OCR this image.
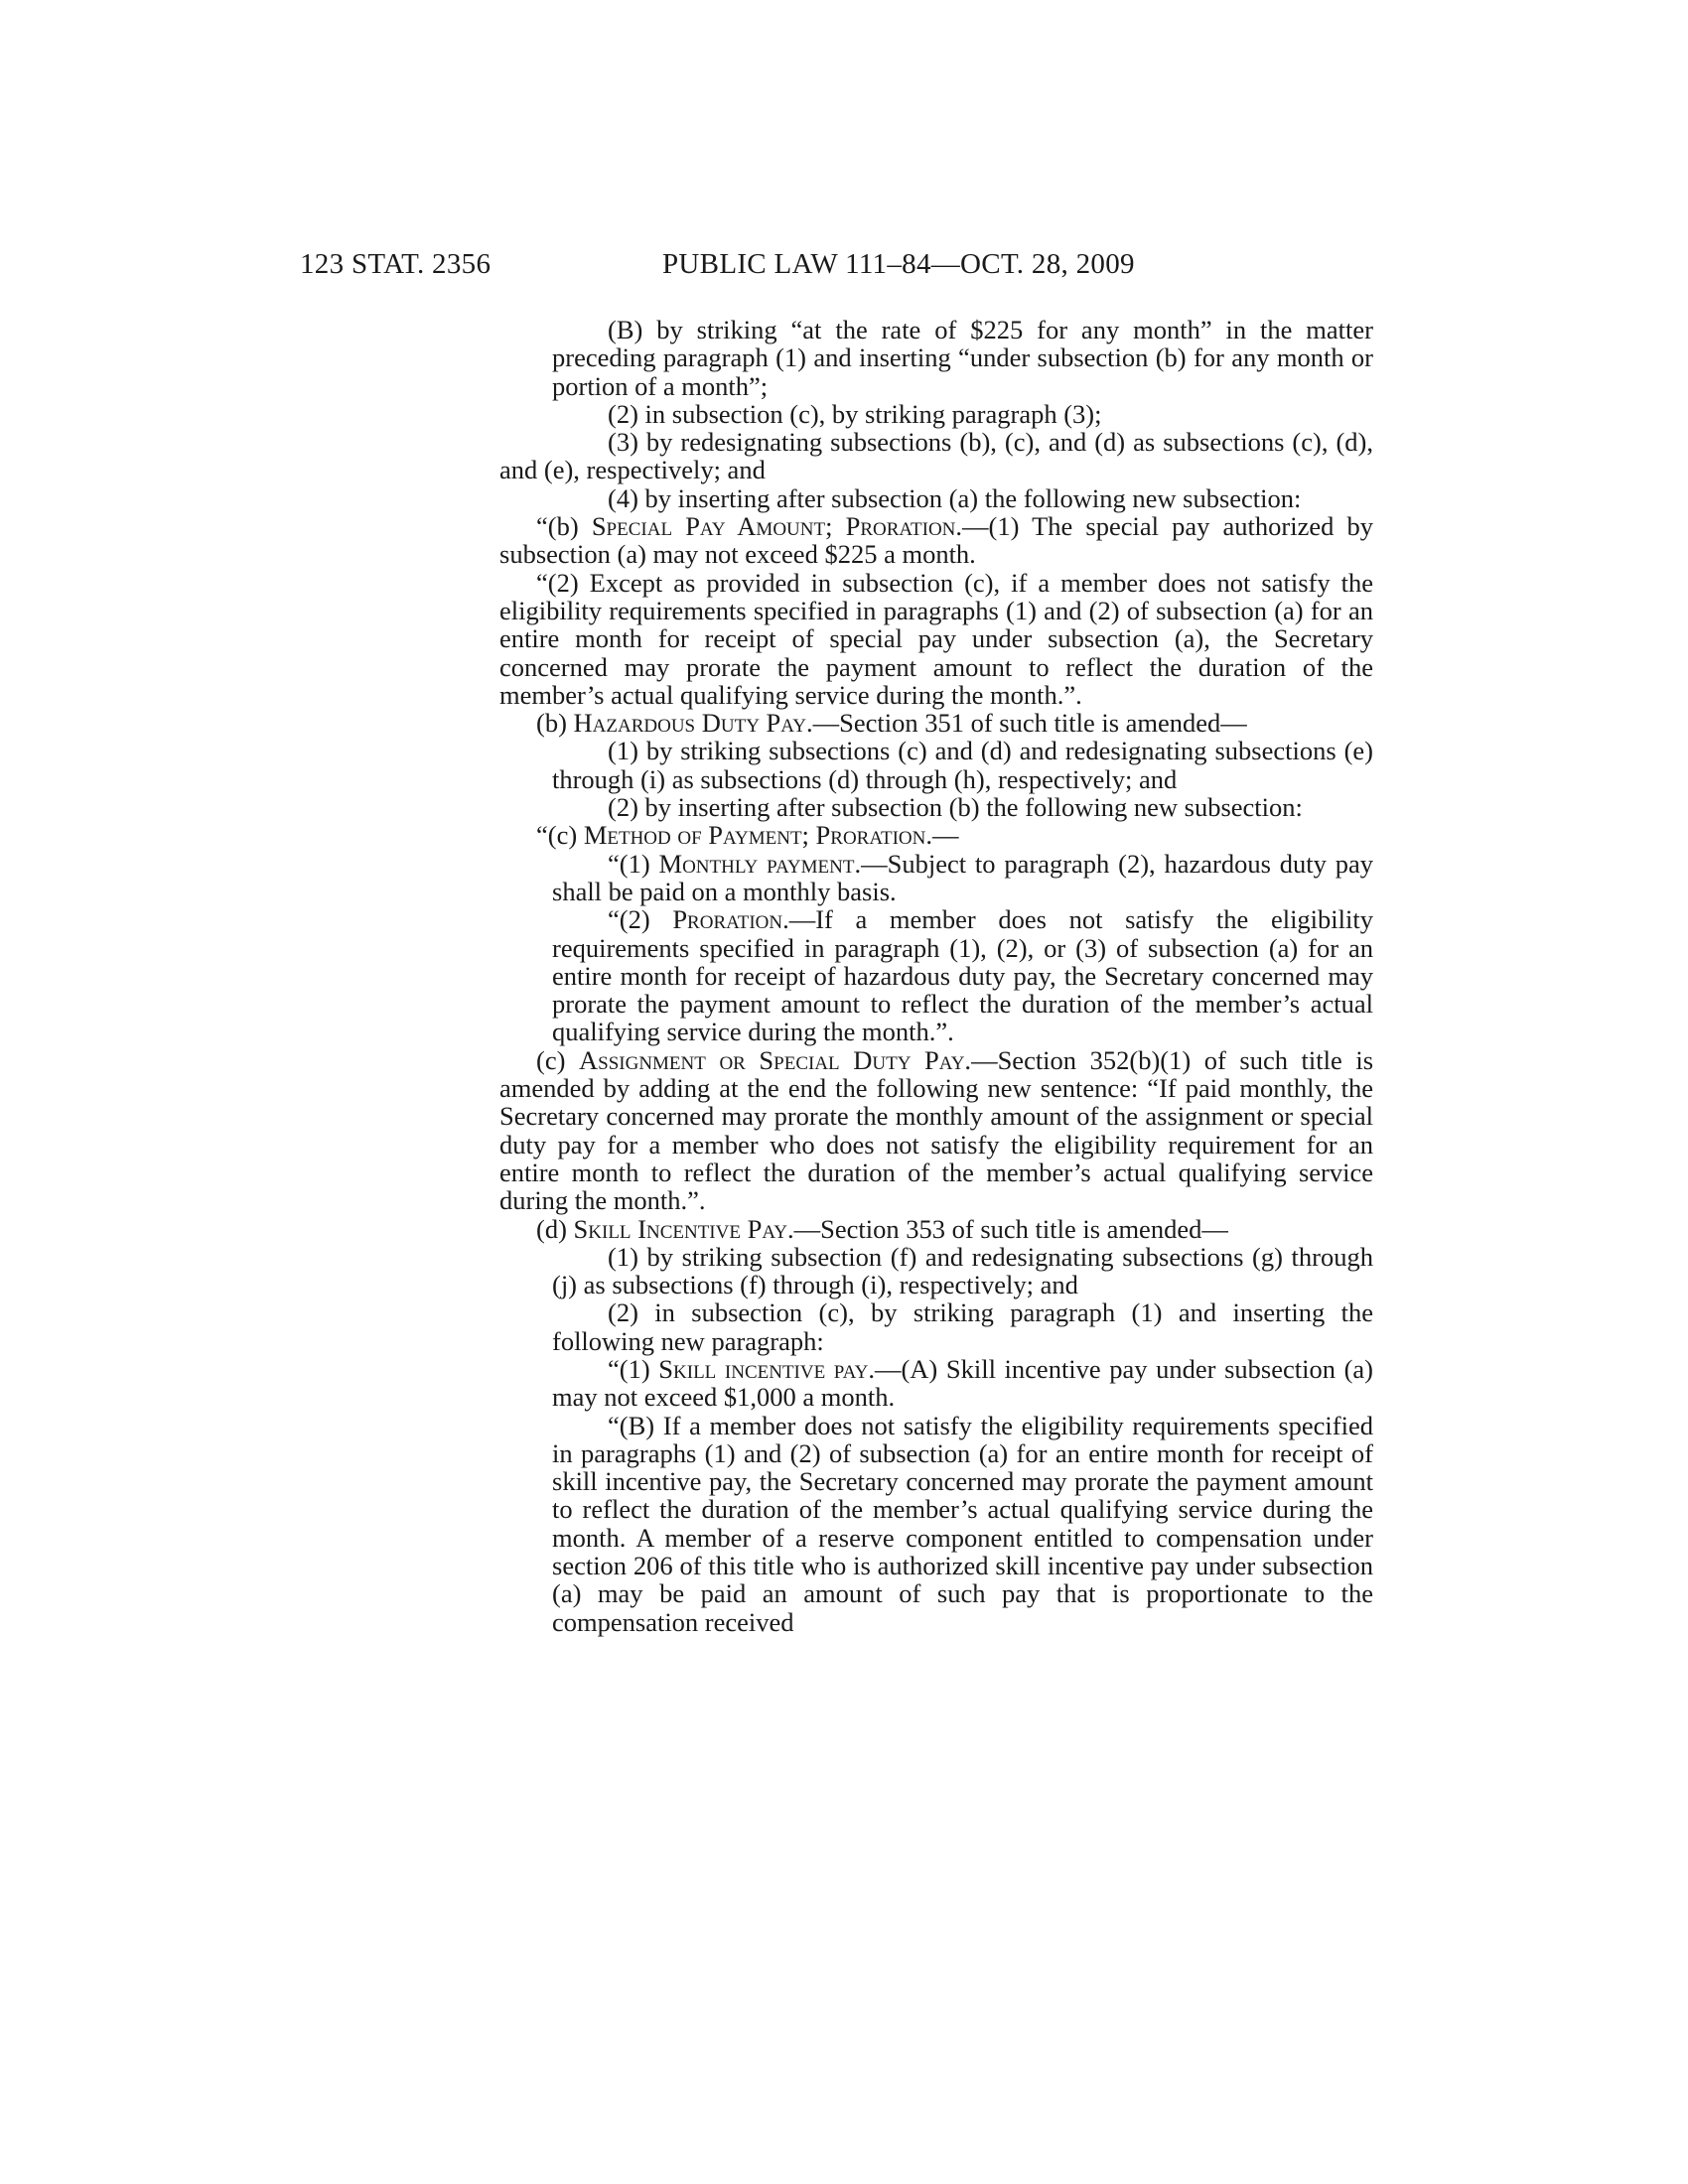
123 STAT. 2356	PUBLIC LAW 111–84—OCT. 28, 2009

(B) by striking “at the rate of $225 for any month” in the matter preceding paragraph (1) and inserting “under subsection (b) for any month or portion of a month”;

(2) in subsection (c), by striking paragraph (3);

(3) by redesignating subsections (b), (c), and (d) as subsections (c), (d), and (e), respectively; and

(4) by inserting after subsection (a) the following new subsection:

“(b) Special Pay Amount; Proration.—(1) The special pay authorized by subsection (a) may not exceed $225 a month.

“(2) Except as provided in subsection (c), if a member does not satisfy the eligibility requirements specified in paragraphs (1) and (2) of subsection (a) for an entire month for receipt of special pay under subsection (a), the Secretary concerned may prorate the payment amount to reflect the duration of the member’s actual qualifying service during the month.”.

(b) Hazardous Duty Pay.—Section 351 of such title is amended—

(1) by striking subsections (c) and (d) and redesignating subsections (e) through (i) as subsections (d) through (h), respectively; and

(2) by inserting after subsection (b) the following new subsection:

“(c) Method of Payment; Proration.—

“(1) Monthly payment.—Subject to paragraph (2), hazardous duty pay shall be paid on a monthly basis.

“(2) Proration.—If a member does not satisfy the eligibility requirements specified in paragraph (1), (2), or (3) of subsection (a) for an entire month for receipt of hazardous duty pay, the Secretary concerned may prorate the payment amount to reflect the duration of the member’s actual qualifying service during the month.”.

(c) Assignment or Special Duty Pay.—Section 352(b)(1) of such title is amended by adding at the end the following new sentence: “If paid monthly, the Secretary concerned may prorate the monthly amount of the assignment or special duty pay for a member who does not satisfy the eligibility requirement for an entire month to reflect the duration of the member’s actual qualifying service during the month.”.

(d) Skill Incentive Pay.—Section 353 of such title is amended—

(1) by striking subsection (f) and redesignating subsections (g) through (j) as subsections (f) through (i), respectively; and

(2) in subsection (c), by striking paragraph (1) and inserting the following new paragraph:

“(1) Skill incentive pay.—(A) Skill incentive pay under subsection (a) may not exceed $1,000 a month.

“(B) If a member does not satisfy the eligibility requirements specified in paragraphs (1) and (2) of subsection (a) for an entire month for receipt of skill incentive pay, the Secretary concerned may prorate the payment amount to reflect the duration of the member’s actual qualifying service during the month. A member of a reserve component entitled to compensation under section 206 of this title who is authorized skill incentive pay under subsection (a) may be paid an amount of such pay that is proportionate to the compensation received
